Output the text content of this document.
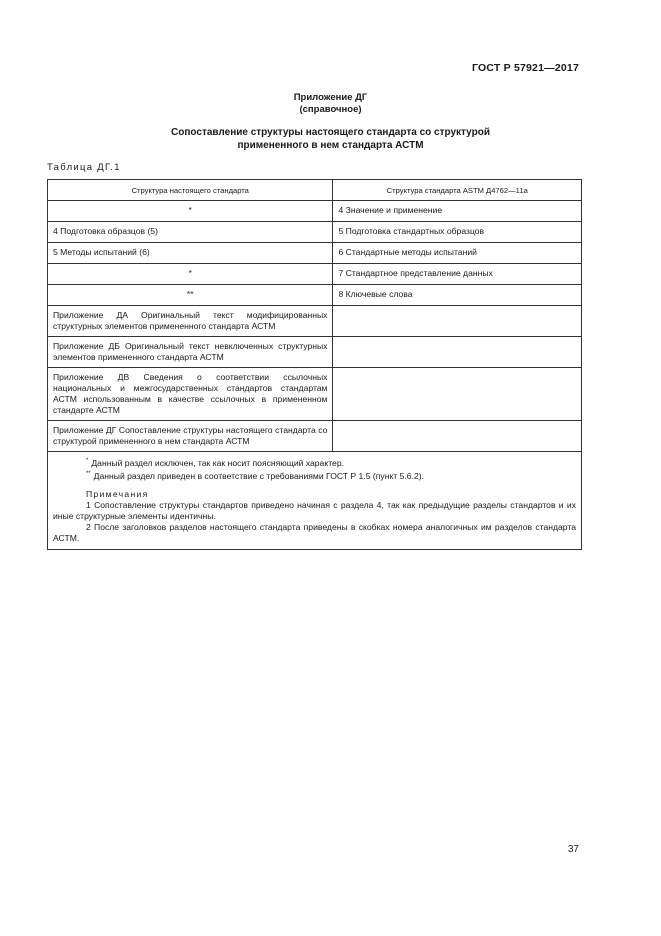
ГОСТ Р 57921—2017
Приложение ДГ
(справочное)
Сопоставление структуры настоящего стандарта со структурой
примененного в нем стандарта АСТМ
Таблица ДГ.1
Структура настоящего стандарта	Структура стандарта ASTM Д4762—11а

*	4 Значение и применение

4 Подготовка образцов (5)	5 Подготовка стандартных образцов

5 Методы испытаний (6)	6 Стандартные методы испытаний

*	7 Стандартное представление данных

**	8 Ключевые слова

Приложение ДА Оригинальный текст модифицированных структурных элементов примененного стандарта АСТМ	

Приложение ДБ Оригинальный текст невключенных структурных элементов примененного стандарта АСТМ	

Приложение ДВ Сведения о соответствии ссылочных национальных и межгосударственных стандартов стандартам АСТМ использованным в качестве ссылочных в примененном стандарте АСТМ	

Приложение ДГ Сопоставление структуры настоящего стандарта со структурой примененного в нем стандарта АСТМ	

* Данный раздел исключен, так как носит поясняющий характер.
** Данный раздел приведен в соответствие с требованиями ГОСТ Р 1.5 (пункт 5.6.2).
Примечания
1 Сопоставление структуры стандартов приведено начиная с раздела 4, так как предыдущие разделы стандартов и их иные структурные элементы идентичны.
2 После заголовков разделов настоящего стандарта приведены в скобках номера аналогичных им разделов стандарта АСТМ.	
37
